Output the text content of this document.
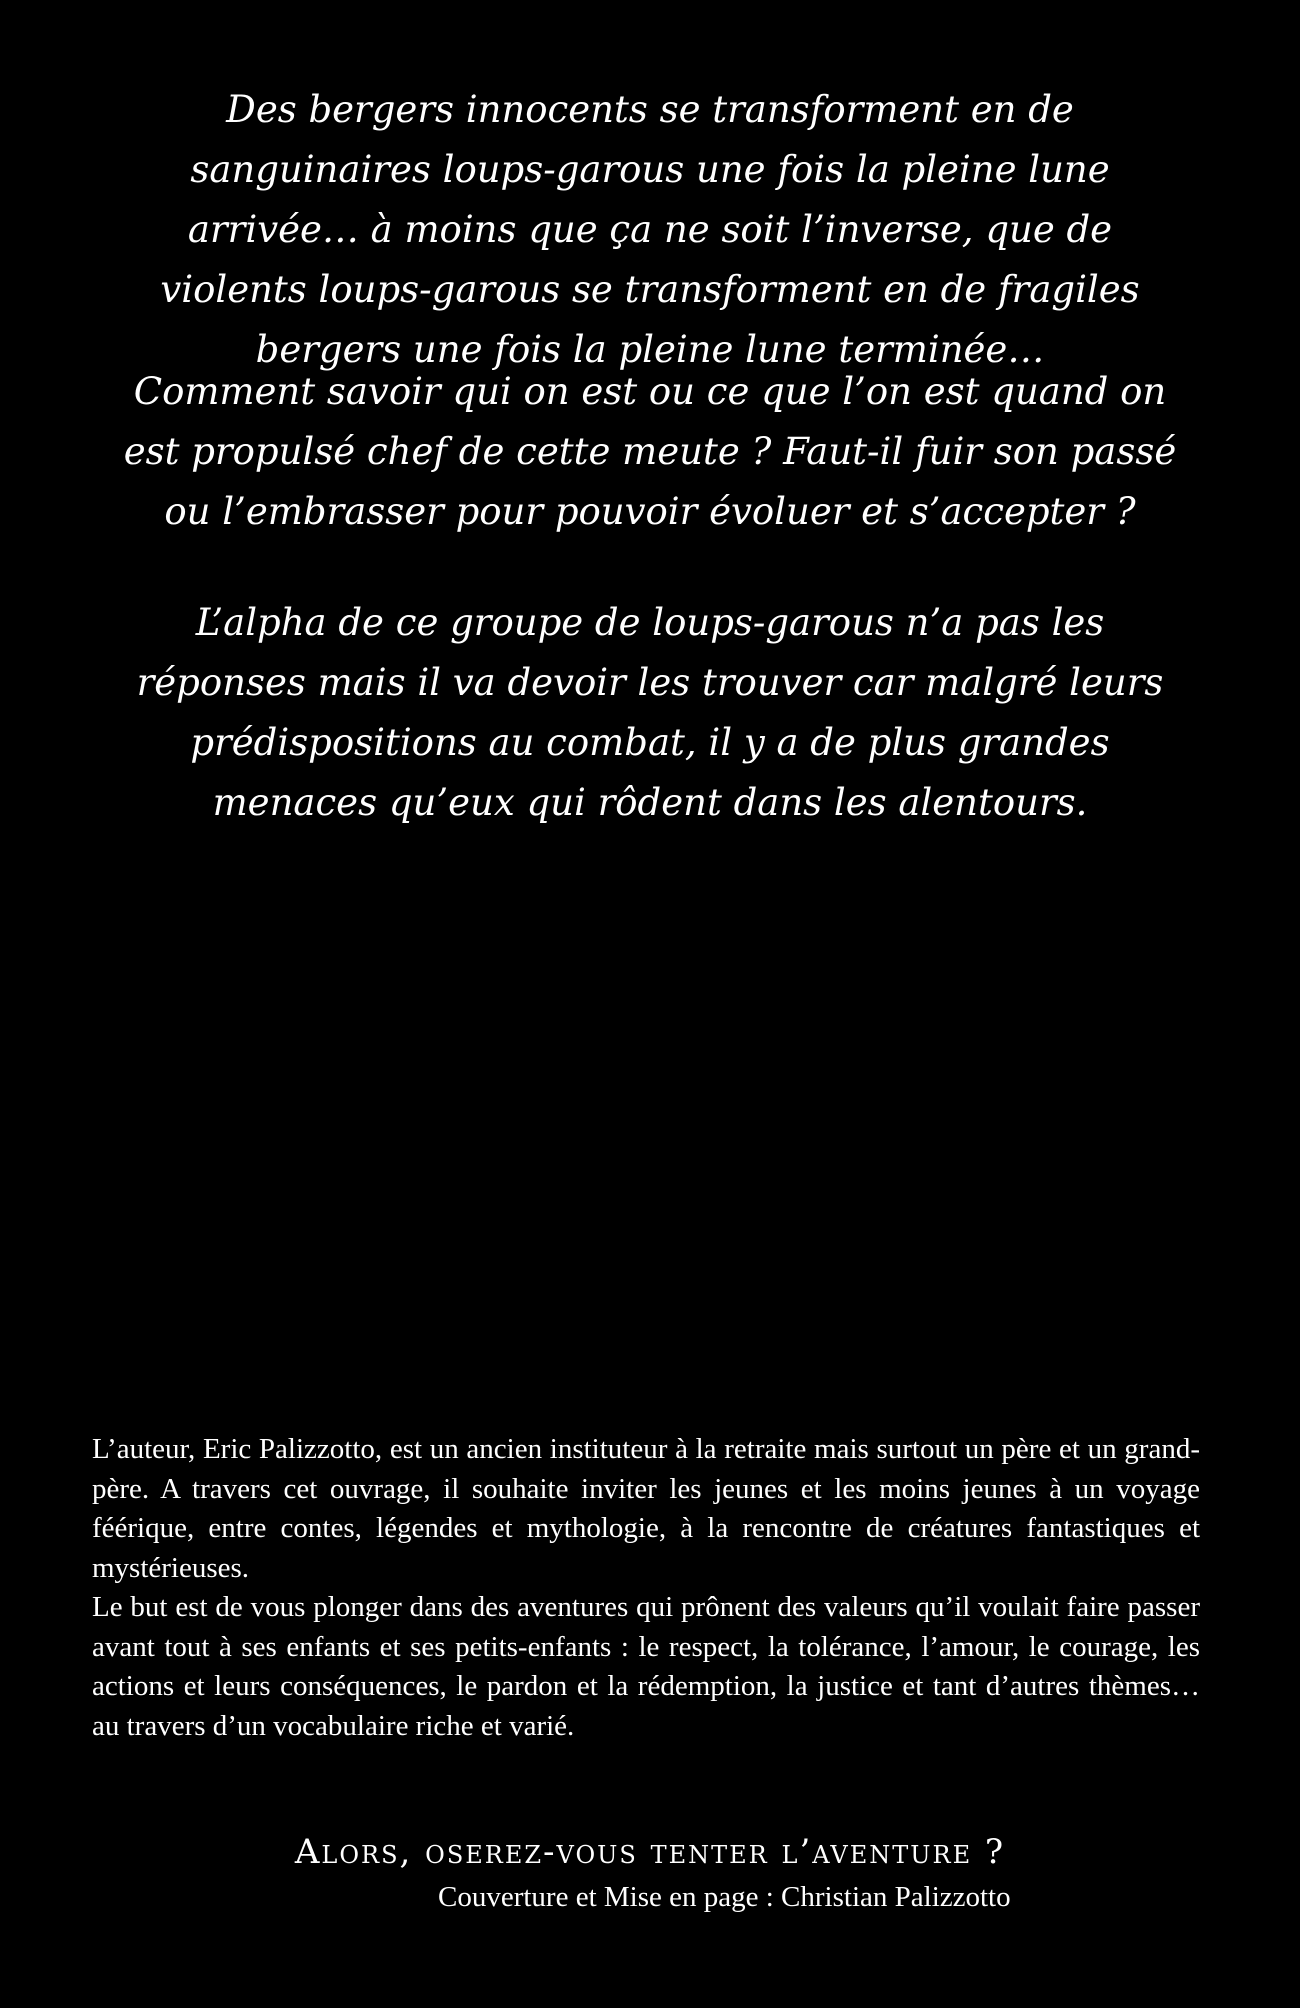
Des bergers innocents se transforment en de sanguinaires loups-garous une fois la pleine lune arrivée… à moins que ça ne soit l’inverse, que de violents loups-garous se transforment en de fragiles bergers une fois la pleine lune terminée…

Comment savoir qui on est ou ce que l’on est quand on est propulsé chef de cette meute ? Faut-il fuir son passé ou l’embrasser pour pouvoir évoluer et s’accepter ?

L’alpha de ce groupe de loups-garous n’a pas les réponses mais il va devoir les trouver car malgré leurs prédispositions au combat, il y a de plus grandes menaces qu’eux qui rôdent dans les alentours.

L’auteur, Eric Palizzotto, est un ancien instituteur à la retraite mais surtout un père et un grand-père. A travers cet ouvrage, il souhaite inviter les jeunes et les moins jeunes à un voyage féérique, entre contes, légendes et mythologie, à la rencontre de créatures fantastiques et mystérieuses.

Le but est de vous plonger dans des aventures qui prônent des valeurs qu’il voulait faire passer avant tout à ses enfants et ses petits-enfants : le respect, la tolérance, l’amour, le courage, les actions et leurs conséquences, le pardon et la rédemption, la justice et tant d’autres thèmes… au travers d’un vocabulaire riche et varié.

Alors, oserez-vous tenter l’aventure ?

Couverture et Mise en page : Christian Palizzotto
